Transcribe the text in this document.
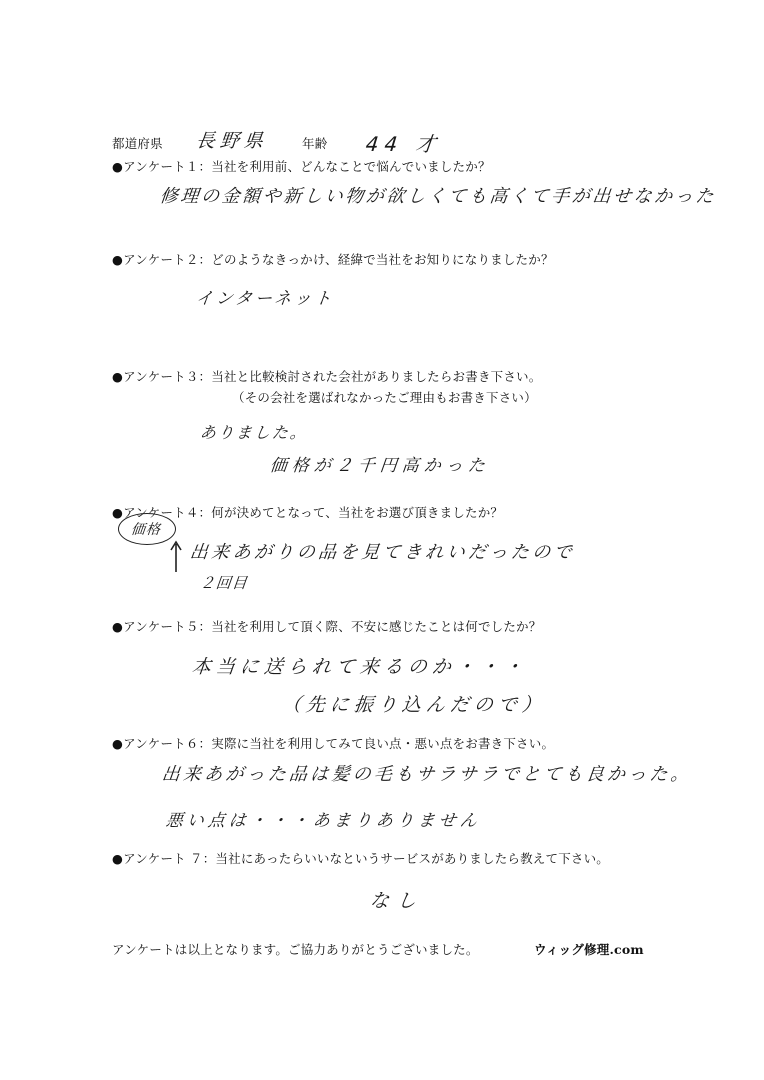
都道府県 長野県	年齢 44 才
●アンケート１：当社を利用前、どんなことで悩んでいましたか？
修理の金額や新しい物が欲しくても高くて手が出せなかった
●アンケート２：どのようなきっかけ、経緯で当社をお知りになりましたか？
インターネット
●アンケート３：当社と比較検討された会社がありましたらお書き下さい。
（その会社を選ばれなかったご理由もお書き下さい）
ありました。
価格が２千円高かった
●アンケート４：何が決めてとなって、当社をお選び頂きましたか？
価格
出来あがりの品を見てきれいだったので
２回目
●アンケート５：当社を利用して頂く際、不安に感じたことは何でしたか？
本当に送られて来るのか・・・
（先に振り込んだので）
●アンケート６：実際に当社を利用してみて良い点・悪い点をお書き下さい。
出来あがった品は髪の毛もサラサラでとても良かった。
悪い点は・・・あまりありません
●アンケート ７：当社にあったらいいなというサービスがありましたら教えて下さい。
なし
アンケートは以上となります。ご協力ありがとうございました。	ウィッグ修理.com
